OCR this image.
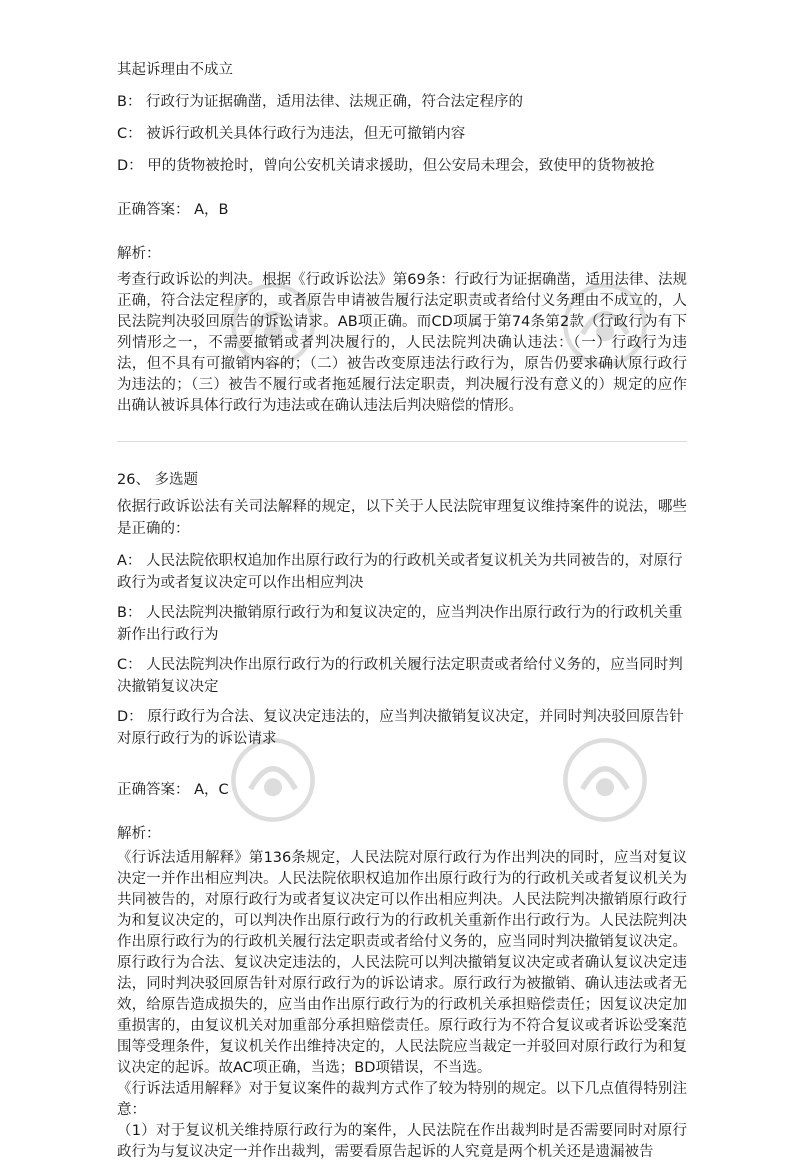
其起诉理由不成立

B： 行政行为证据确凿，适用法律、法规正确，符合法定程序的

C： 被诉行政机关具体行政行为违法，但无可撤销内容

D： 甲的货物被抢时，曾向公安机关请求援助，但公安局未理会，致使甲的货物被抢

正确答案： A，B

解析：

考查行政诉讼的判决。根据《行政诉讼法》第69条：行政行为证据确凿，适用法律、法规正确，符合法定程序的，或者原告申请被告履行法定职责或者给付义务理由不成立的，人民法院判决驳回原告的诉讼请求。AB项正确。而CD项属于第74条第2款（行政行为有下列情形之一，不需要撤销或者判决履行的，人民法院判决确认违法：（一）行政行为违法，但不具有可撤销内容的；（二）被告改变原违法行政行为，原告仍要求确认原行政行为违法的；（三）被告不履行或者拖延履行法定职责，判决履行没有意义的）规定的应作出确认被诉具体行政行为违法或在确认违法后判决赔偿的情形。

26、 多选题

依据行政诉讼法有关司法解释的规定，以下关于人民法院审理复议维持案件的说法，哪些是正确的：

A： 人民法院依职权追加作出原行政行为的行政机关或者复议机关为共同被告的，对原行政行为或者复议决定可以作出相应判决

B： 人民法院判决撤销原行政行为和复议决定的，应当判决作出原行政行为的行政机关重新作出行政行为

C： 人民法院判决作出原行政行为的行政机关履行法定职责或者给付义务的，应当同时判决撤销复议决定

D： 原行政行为合法、复议决定违法的，应当判决撤销复议决定，并同时判决驳回原告针对原行政行为的诉讼请求

正确答案： A，C

解析：

《行诉法适用解释》第136条规定，人民法院对原行政行为作出判决的同时，应当对复议决定一并作出相应判决。人民法院依职权追加作出原行政行为的行政机关或者复议机关为共同被告的，对原行政行为或者复议决定可以作出相应判决。人民法院判决撤销原行政行为和复议决定的，可以判决作出原行政行为的行政机关重新作出行政行为。人民法院判决作出原行政行为的行政机关履行法定职责或者给付义务的，应当同时判决撤销复议决定。原行政行为合法、复议决定违法的，人民法院可以判决撤销复议决定或者确认复议决定违法，同时判决驳回原告针对原行政行为的诉讼请求。原行政行为被撤销、确认违法或者无效，给原告造成损失的，应当由作出原行政行为的行政机关承担赔偿责任；因复议决定加重损害的，由复议机关对加重部分承担赔偿责任。原行政行为不符合复议或者诉讼受案范围等受理条件，复议机关作出维持决定的，人民法院应当裁定一并驳回对原行政行为和复议决定的起诉。故AC项正确，当选；BD项错误，不当选。

《行诉法适用解释》对于复议案件的裁判方式作了较为特别的规定。以下几点值得特别注意：

（1）对于复议机关维持原行政行为的案件，人民法院在作出裁判时是否需要同时对原行政行为与复议决定一并作出裁判，需要看原告起诉的人究竟是两个机关还是遗漏被告
